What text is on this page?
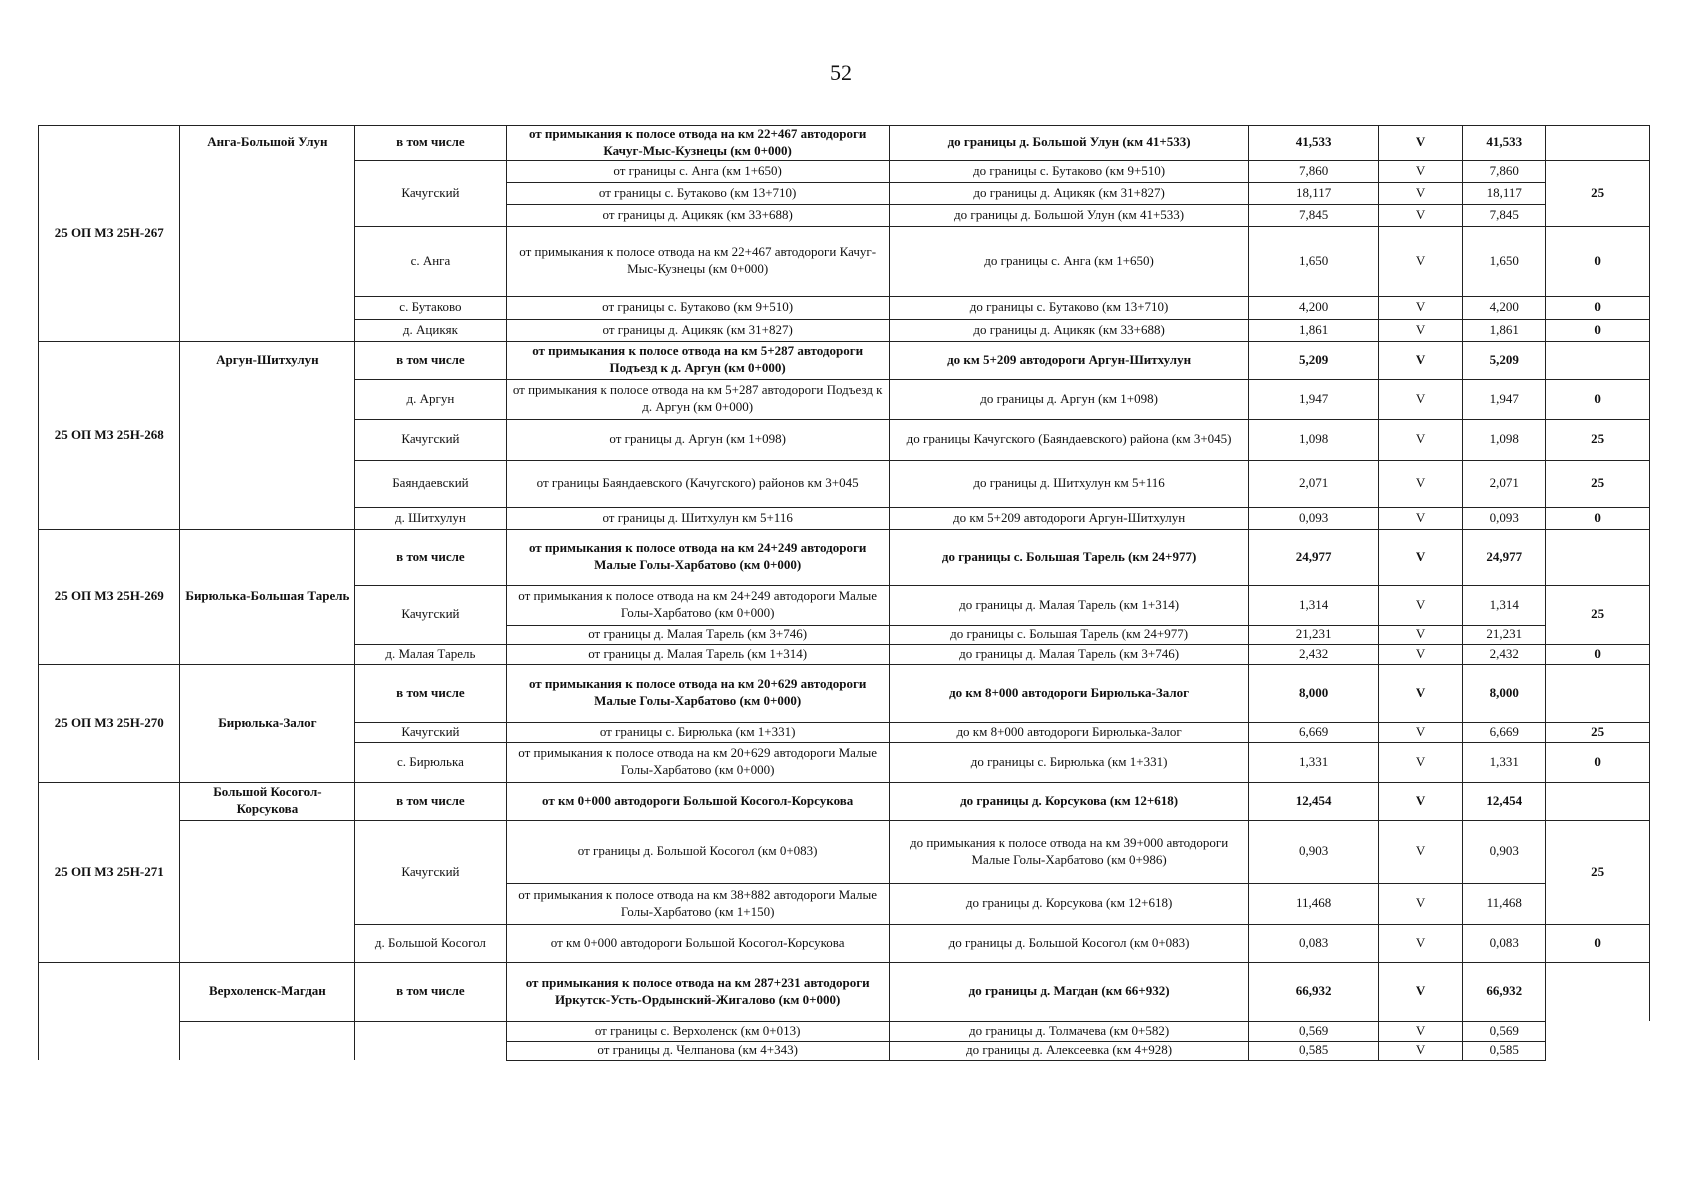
52
25 ОП МЗ 25Н-267	Анга-Большой Улун	в том числе	от примыкания к полосе отвода на км 22+467 автодороги Качуг-Мыс-Кузнецы (км 0+000)	до границы д. Большой Улун (км 41+533)	41,533	V	41,533	
		Качугский	от границы с. Анга (км 1+650)	до границы с. Бутаково (км 9+510)	7,860	V	7,860	25
			от границы с. Бутаково (км 13+710)	до границы д. Ацикяк (км 31+827)	18,117	V	18,117	
			от границы д. Ацикяк (км 33+688)	до границы д. Большой Улун (км 41+533)	7,845	V	7,845	
		с. Анга	от примыкания к полосе отвода на км 22+467 автодороги Качуг-Мыс-Кузнецы (км 0+000)	до границы с. Анга (км 1+650)	1,650	V	1,650	0
		с. Бутаково	от границы с. Бутаково (км 9+510)	до границы с. Бутаково (км 13+710)	4,200	V	4,200	0
		д. Ацикяк	от границы д. Ацикяк (км 31+827)	до границы д. Ацикяк (км 33+688)	1,861	V	1,861	0
25 ОП МЗ 25Н-268	Аргун-Шитхулун	в том числе	от примыкания к полосе отвода на км 5+287 автодороги Подъезд к д. Аргун (км 0+000)	до км 5+209 автодороги Аргун-Шитхулун	5,209	V	5,209	
		д. Аргун	от примыкания к полосе отвода на км 5+287 автодороги Подъезд к д. Аргун (км 0+000)	до границы д. Аргун (км 1+098)	1,947	V	1,947	0
		Качугский	от границы д. Аргун (км 1+098)	до границы Качугского (Баяндаевского) района (км 3+045)	1,098	V	1,098	25
		Баяндаевский	от границы Баяндаевского (Качугского) районов км 3+045	до границы д. Шитхулун км 5+116	2,071	V	2,071	25
		д. Шитхулун	от границы д. Шитхулун км 5+116	до км 5+209 автодороги Аргун-Шитхулун	0,093	V	0,093	0
25 ОП МЗ 25Н-269	Бирюлька-Большая Тарель	в том числе	от примыкания к полосе отвода на км 24+249 автодороги Малые Голы-Харбатово (км 0+000)	до границы с. Большая Тарель (км 24+977)	24,977	V	24,977	
		Качугский	от примыкания к полосе отвода на км 24+249 автодороги Малые Голы-Харбатово (км 0+000)	до границы д. Малая Тарель (км 1+314)	1,314	V	1,314	25
			от границы д. Малая Тарель (км 3+746)	до границы с. Большая Тарель (км 24+977)	21,231	V	21,231	
		д. Малая Тарель	от границы д. Малая Тарель (км 1+314)	до границы д. Малая Тарель (км 3+746)	2,432	V	2,432	0
25 ОП МЗ 25Н-270	Бирюлька-Залог	в том числе	от примыкания к полосе отвода на км 20+629 автодороги Малые Голы-Харбатово (км 0+000)	до км 8+000 автодороги Бирюлька-Залог	8,000	V	8,000	
		Качугский	от границы с. Бирюлька (км 1+331)	до км 8+000 автодороги Бирюлька-Залог	6,669	V	6,669	25
		с. Бирюлька	от примыкания к полосе отвода на км 20+629 автодороги Малые Голы-Харбатово (км 0+000)	до границы с. Бирюлька (км 1+331)	1,331	V	1,331	0
25 ОП МЗ 25Н-271	Большой Косогол-Корсукова	в том числе	от км 0+000 автодороги Большой Косогол-Корсукова	до границы д. Корсукова (км 12+618)	12,454	V	12,454	
		Качугский	от границы д. Большой Косогол (км 0+083)	до примыкания к полосе отвода на км 39+000 автодороги Малые Голы-Харбатово (км 0+986)	0,903	V	0,903	25
			от примыкания к полосе отвода на км 38+882 автодороги Малые Голы-Харбатово (км 1+150)	до границы д. Корсукова (км 12+618)	11,468	V	11,468	
		д. Большой Косогол	от км 0+000 автодороги Большой Косогол-Корсукова	до границы д. Большой Косогол (км 0+083)	0,083	V	0,083	0
	Верхоленск-Магдан	в том числе	от примыкания к полосе отвода на км 287+231 автодороги Иркутск-Усть-Ордынский-Жигалово (км 0+000)	до границы д. Магдан (км 66+932)	66,932	V	66,932	
			от границы с. Верхоленск (км 0+013)	до границы д. Толмачева (км 0+582)	0,569	V	0,569	
			от границы д. Челпанова (км 4+343)	до границы д. Алексеевка (км 4+928)	0,585	V	0,585	
